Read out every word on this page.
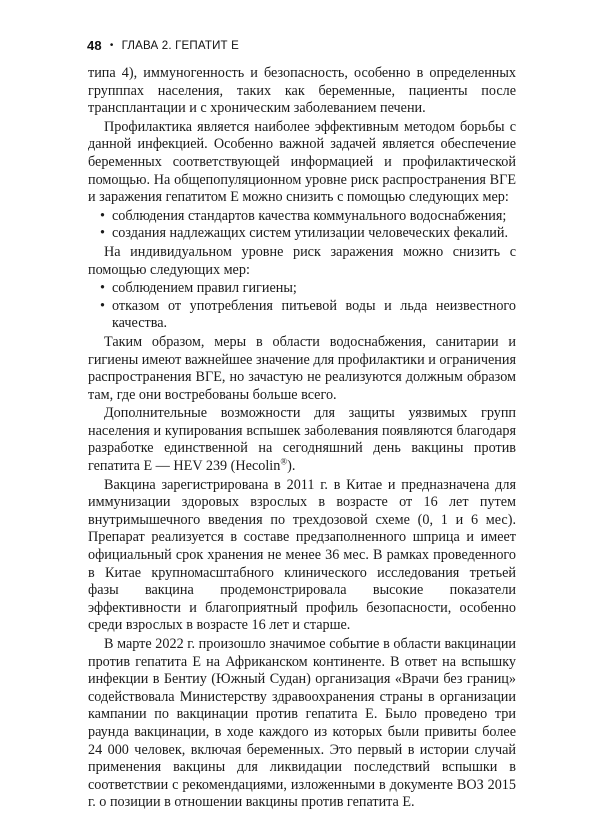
48 • ГЛАВА 2. ГЕПАТИТ Е

типа 4), иммуногенность и безопасность, особенно в определенных групппах населения, таких как беременные, пациенты после трансплантации и с хроническим заболеванием печени.

Профилактика является наиболее эффективным методом борьбы с данной инфекцией. Особенно важной задачей является обеспечение беременных соответствующей информацией и профилактической помощью. На общепопуляционном уровне риск распространения ВГЕ и заражения гепатитом Е можно снизить с помощью следующих мер:

• соблюдения стандартов качества коммунального водоснабжения;
• создания надлежащих систем утилизации человеческих фекалий.

На индивидуальном уровне риск заражения можно снизить с помощью следующих мер:

• соблюдением правил гигиены;
• отказом от употребления питьевой воды и льда неизвестного качества.

Таким образом, меры в области водоснабжения, санитарии и гигиены имеют важнейшее значение для профилактики и ограничения распространения ВГЕ, но зачастую не реализуются должным образом там, где они востребованы больше всего.

Дополнительные возможности для защиты уязвимых групп населения и купирования вспышек заболевания появляются благодаря разработке единственной на сегодняшний день вакцины против гепатита Е — HEV 239 (Hecolin®).

Вакцина зарегистрирована в 2011 г. в Китае и предназначена для иммунизации здоровых взрослых в возрасте от 16 лет путем внутримышечного введения по трехдозовой схеме (0, 1 и 6 мес). Препарат реализуется в составе предзаполненного шприца и имеет официальный срок хранения не менее 36 мес. В рамках проведенного в Китае крупномасштабного клинического исследования третьей фазы вакцина продемонстрировала высокие показатели эффективности и благоприятный профиль безопасности, особенно среди взрослых в возрасте 16 лет и старше.

В марте 2022 г. произошло значимое событие в области вакцинации против гепатита Е на Африканском континенте. В ответ на вспышку инфекции в Бентиу (Южный Судан) организация «Врачи без границ» содействовала Министерству здравоохранения страны в организации кампании по вакцинации против гепатита Е. Было проведено три раунда вакцинации, в ходе каждого из которых были привиты более 24 000 человек, включая беременных. Это первый в истории случай применения вакцины для ликвидации последствий вспышки в соответствии с рекомендациями, изложенными в документе ВОЗ 2015 г. о позиции в отношении вакцины против гепатита Е.
